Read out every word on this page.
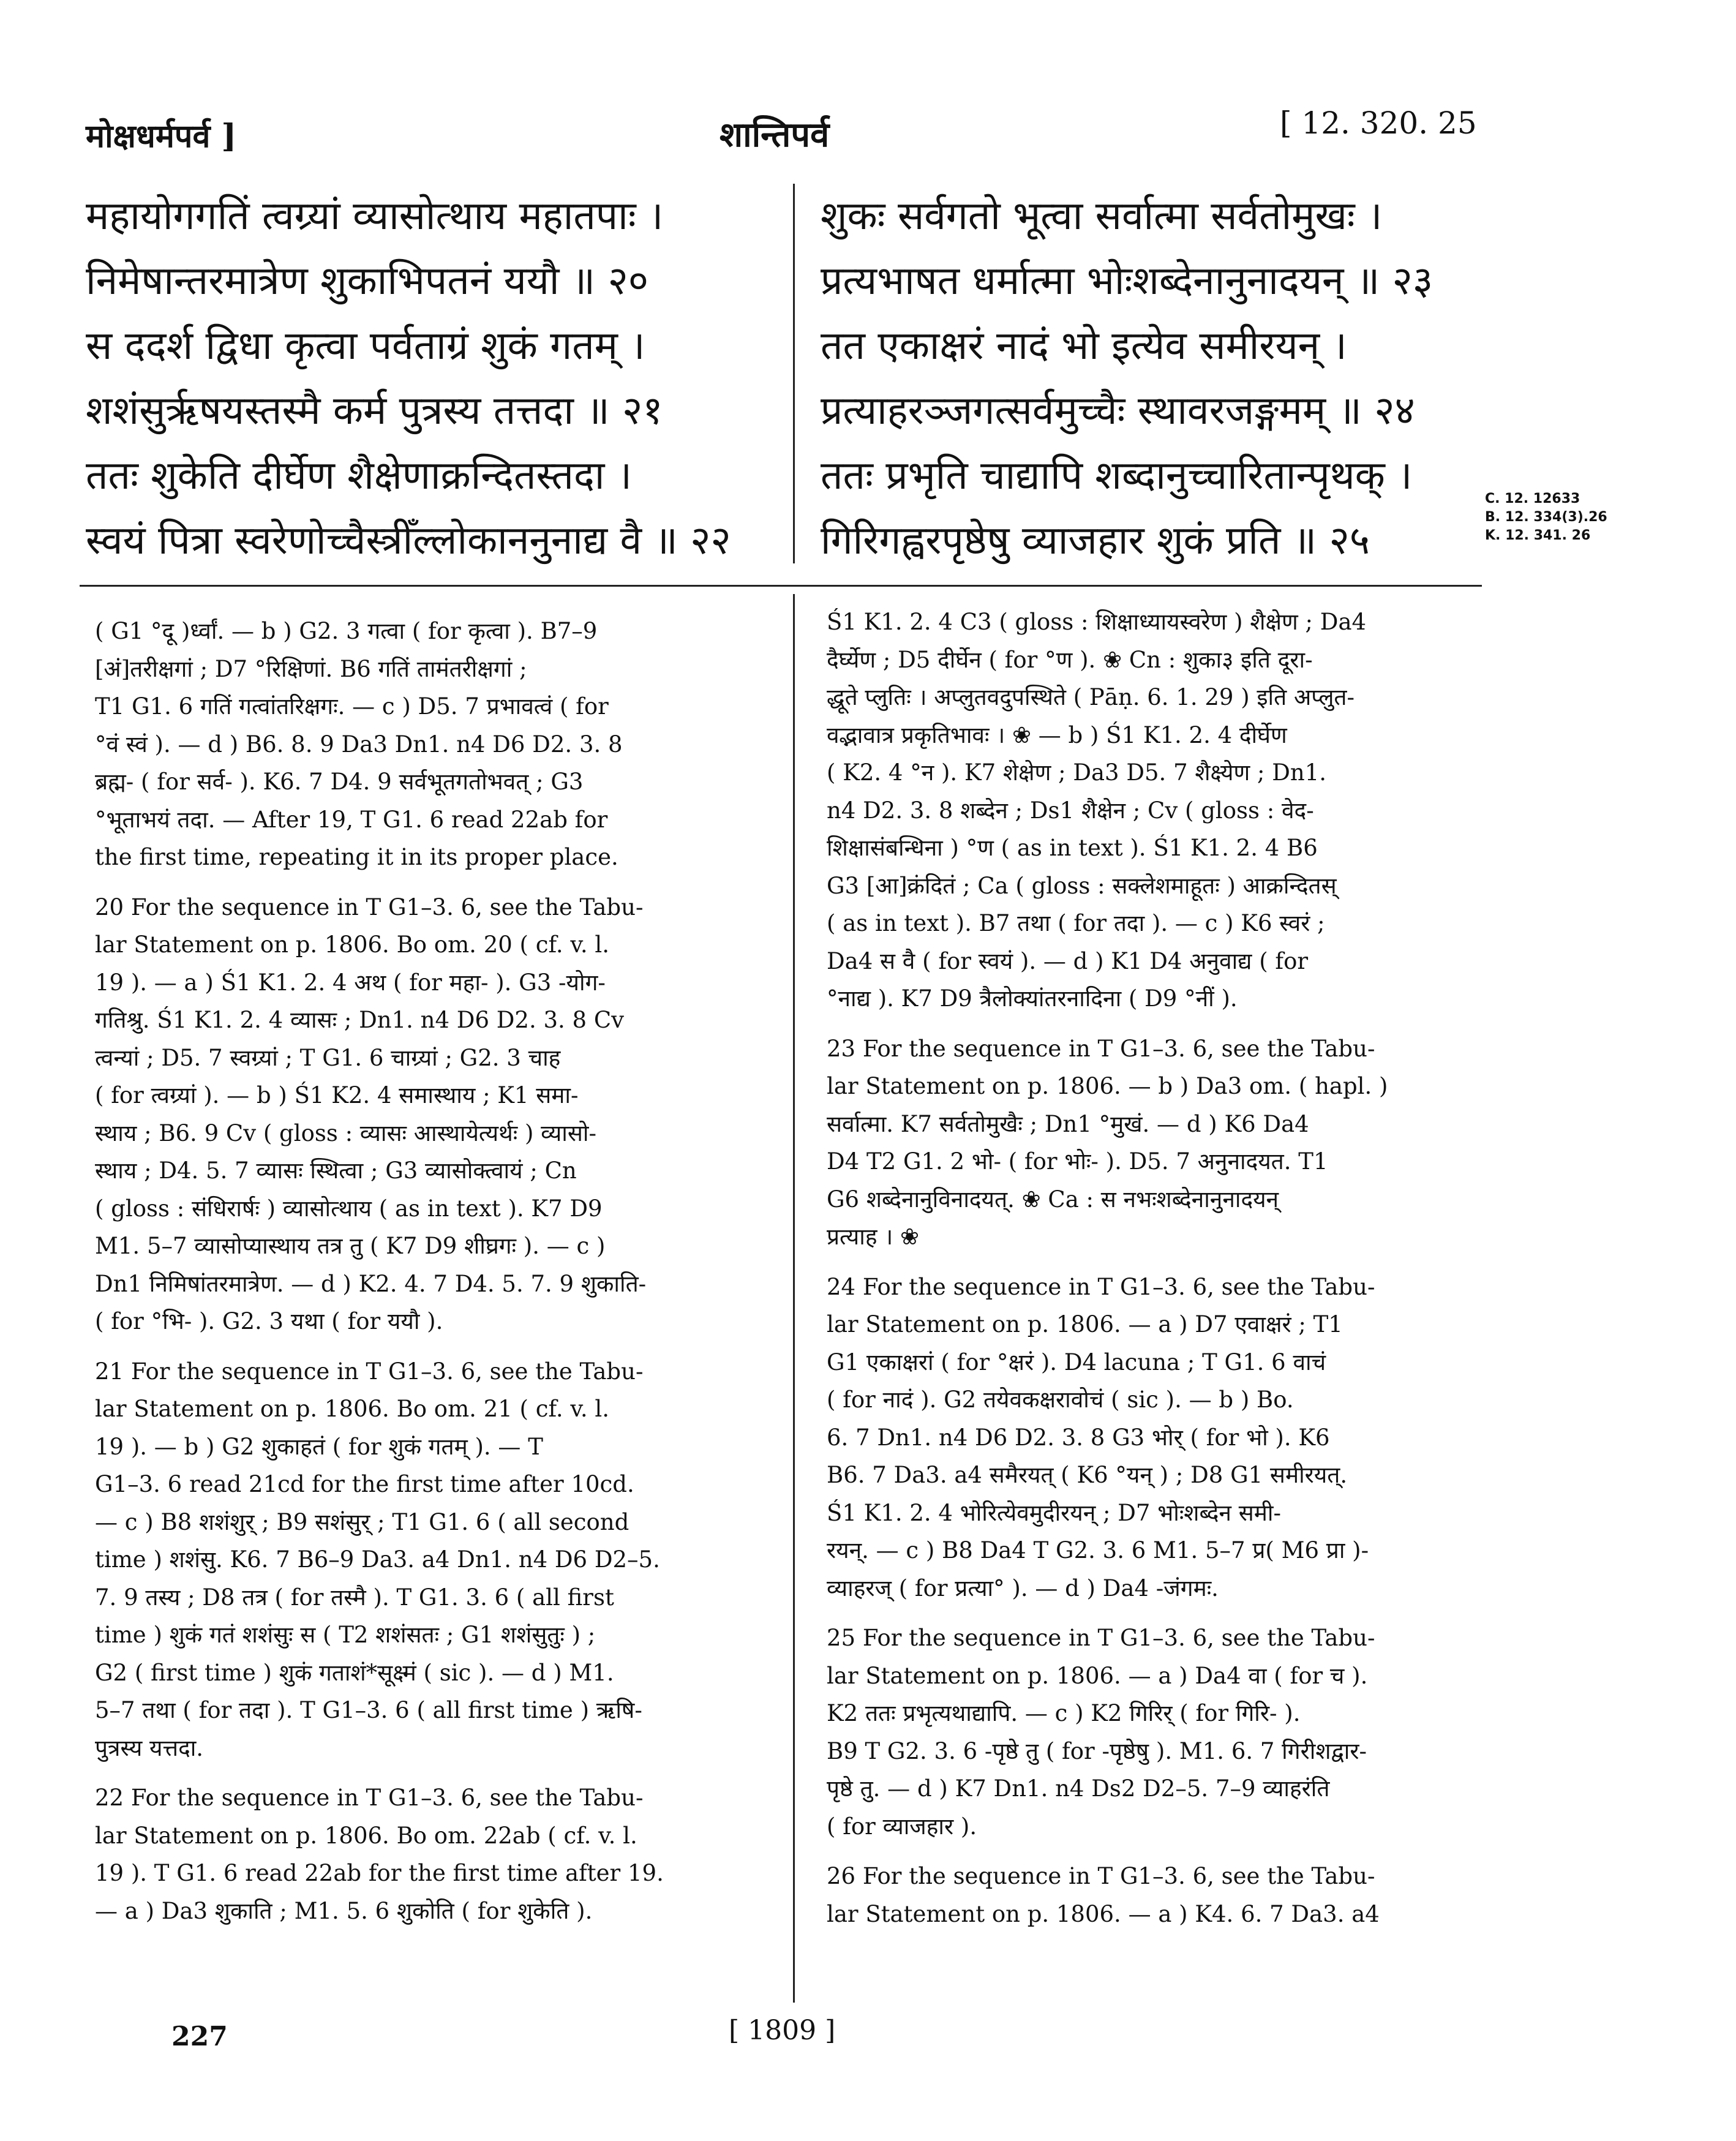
मोक्षधर्मपर्व ]	शान्तिपर्व	[ 12. 320. 25
महायोगगतिं त्वग्र्यां व्यासोत्थाय महातपाः ।
निमेषान्तरमात्रेण शुकाभिपतनं ययौ ॥ २०
स ददर्श द्विधा कृत्वा पर्वताग्रं शुकं गतम् ।
शशंसुर्ऋषयस्तस्मै कर्म पुत्रस्य तत्तदा ॥ २१
ततः शुकेति दीर्घेण शैक्षेणाक्रन्दितस्तदा ।
स्वयं पित्रा स्वरेणोच्चैस्त्रीँल्लोकाननुनाद्य वै ॥ २२
शुकः सर्वगतो भूत्वा सर्वात्मा सर्वतोमुखः ।
प्रत्यभाषत धर्मात्मा भोःशब्देनानुनादयन् ॥ २३
तत एकाक्षरं नादं भो इत्येव समीरयन् ।
प्रत्याहरञ्जगत्सर्वमुच्चैः स्थावरजङ्गमम् ॥ २४
ततः प्रभृति चाद्यापि शब्दानुच्चारितान्पृथक् ।
गिरिगह्वरपृष्ठेषु व्याजहार शुकं प्रति ॥ २५
C. 12. 12633
B. 12. 334(3).26
K. 12. 341. 26
( G1 °दू )र्ध्वां. — b ) G2. 3 गत्वा ( for कृत्वा ). B7–9
[अं]तरीक्षगां ; D7 °रिक्षिणां. B6 गतिं तामंतरीक्षगां ;
T1 G1. 6 गतिं गत्वांतरिक्षगः. — c ) D5. 7 प्रभावत्वं ( for
°वं स्वं ). — d ) B6. 8. 9 Da3 Dn1. n4 D6 D2. 3. 8
ब्रह्म- ( for सर्व- ). K6. 7 D4. 9 सर्वभूतगतोभवत् ; G3
°भूताभयं तदा. — After 19, T G1. 6 read 22ab for
the first time, repeating it in its proper place.

20 For the sequence in T G1–3. 6, see the Tabu-
lar Statement on p. 1806. Bo om. 20 ( cf. v. l.
19 ). — a ) Ś1 K1. 2. 4 अथ ( for महा- ). G3 -योग-
गतिश्रु. Ś1 K1. 2. 4 व्यासः ; Dn1. n4 D6 D2. 3. 8 Cv
त्वन्यां ; D5. 7 स्वग्र्यां ; T G1. 6 चाग्र्यां ; G2. 3 चाह
( for त्वग्र्यां ). — b ) Ś1 K2. 4 समास्थाय ; K1 समा-
स्थाय ; B6. 9 Cv ( gloss : व्यासः आस्थायेत्यर्थः ) व्यासो-
स्थाय ; D4. 5. 7 व्यासः स्थित्वा ; G3 व्यासोक्त्वायं ; Cn
( gloss : संधिरार्षः ) व्यासोत्थाय ( as in text ). K7 D9
M1. 5–7 व्यासोप्यास्थाय तत्र तु ( K7 D9 शीघ्रगः ). — c )
Dn1 निमिषांतरमात्रेण. — d ) K2. 4. 7 D4. 5. 7. 9 शुकाति-
( for °भि- ). G2. 3 यथा ( for ययौ ).

21 For the sequence in T G1–3. 6, see the Tabu-
lar Statement on p. 1806. Bo om. 21 ( cf. v. l.
19 ). — b ) G2 शुकाहतं ( for शुकं गतम् ). — T
G1–3. 6 read 21cd for the first time after 10cd.
— c ) B8 शशंशुर् ; B9 सशंसुर् ; T1 G1. 6 ( all second
time ) शशंसु. K6. 7 B6–9 Da3. a4 Dn1. n4 D6 D2–5.
7. 9 तस्य ; D8 तत्र ( for तस्मै ). T G1. 3. 6 ( all first
time ) शुकं गतं शशंसुः स ( T2 शशंसतः ; G1 शशंसुतुः ) ;
G2 ( first time ) शुकं गताशं*सूक्ष्मं ( sic ). — d ) M1.
5–7 तथा ( for तदा ). T G1–3. 6 ( all first time ) ऋषि-
पुत्रस्य यत्तदा.

22 For the sequence in T G1–3. 6, see the Tabu-
lar Statement on p. 1806. Bo om. 22ab ( cf. v. l.
19 ). T G1. 6 read 22ab for the first time after 19.
— a ) Da3 शुकाति ; M1. 5. 6 शुकोति ( for शुकेति ).
Ś1 K1. 2. 4 C3 ( gloss : शिक्षाध्यायस्वरेण ) शैक्षेण ; Da4
दैर्घ्येण ; D5 दीर्घेन ( for °ण ). ❀ Cn : शुका३ इति दूरा-
द्धूते प्लुतिः । अप्लुतवदुपस्थिते ( Pāṇ. 6. 1. 29 ) इति अप्लुत-
वद्भावात्र प्रकृतिभावः । ❀ — b ) Ś1 K1. 2. 4 दीर्घेण
( K2. 4 °न ). K7 शेक्षेण ; Da3 D5. 7 शैक्ष्येण ; Dn1.
n4 D2. 3. 8 शब्देन ; Ds1 शैक्षेन ; Cv ( gloss : वेद-
शिक्षासंबन्धिना ) °ण ( as in text ). Ś1 K1. 2. 4 B6
G3 [आ]क्रंदितं ; Ca ( gloss : सक्लेशमाहूतः ) आक्रन्दितस्
( as in text ). B7 तथा ( for तदा ). — c ) K6 स्वरं ;
Da4 स वै ( for स्वयं ). — d ) K1 D4 अनुवाद्य ( for
°नाद्य ). K7 D9 त्रैलोक्यांतरनादिना ( D9 °नीं ).

23 For the sequence in T G1–3. 6, see the Tabu-
lar Statement on p. 1806. — b ) Da3 om. ( hapl. )
सर्वात्मा. K7 सर्वतोमुखैः ; Dn1 °मुखं. — d ) K6 Da4
D4 T2 G1. 2 भो- ( for भोः- ). D5. 7 अनुनादयत. T1
G6 शब्देनानुविनादयत्. ❀ Ca : स नभःशब्देनानुनादयन्
प्रत्याह । ❀

24 For the sequence in T G1–3. 6, see the Tabu-
lar Statement on p. 1806. — a ) D7 एवाक्षरं ; T1
G1 एकाक्षरां ( for °क्षरं ). D4 lacuna ; T G1. 6 वाचं
( for नादं ). G2 तयेवकक्षरावोचं ( sic ). — b ) Bo.
6. 7 Dn1. n4 D6 D2. 3. 8 G3 भोर् ( for भो ). K6
B6. 7 Da3. a4 समैरयत् ( K6 °यन् ) ; D8 G1 समीरयत्.
Ś1 K1. 2. 4 भोरित्येवमुदीरयन् ; D7 भोःशब्देन समी-
रयन्. — c ) B8 Da4 T G2. 3. 6 M1. 5–7 प्र( M6 प्रा )-
व्याहरज् ( for प्रत्या° ). — d ) Da4 -जंगमः.

25 For the sequence in T G1–3. 6, see the Tabu-
lar Statement on p. 1806. — a ) Da4 वा ( for च ).
K2 ततः प्रभृत्यथाद्यापि. — c ) K2 गिरिर् ( for गिरि- ).
B9 T G2. 3. 6 -पृष्ठे तु ( for -पृष्ठेषु ). M1. 6. 7 गिरीशद्वार-
पृष्ठे तु. — d ) K7 Dn1. n4 Ds2 D2–5. 7–9 व्याहरंति
( for व्याजहार ).

26 For the sequence in T G1–3. 6, see the Tabu-
lar Statement on p. 1806. — a ) K4. 6. 7 Da3. a4
227	[ 1809 ]
